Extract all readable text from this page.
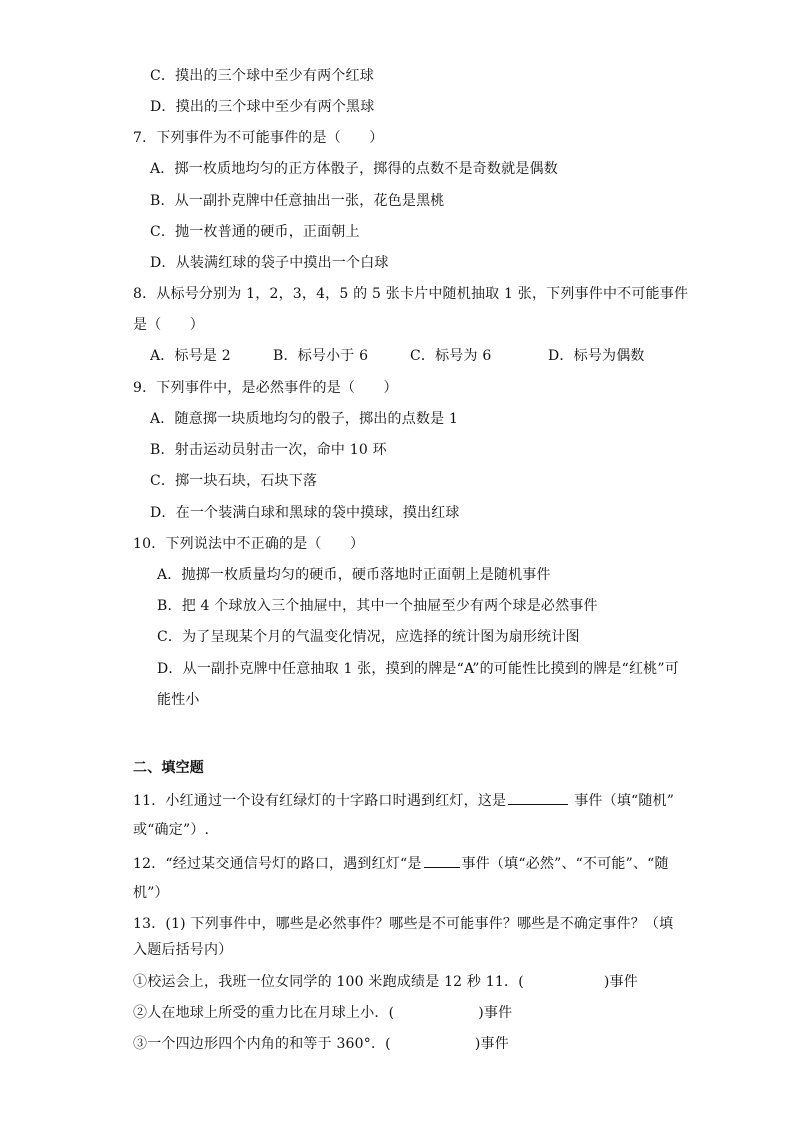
C．摸出的三个球中至少有两个红球
D．摸出的三个球中至少有两个黑球
7．下列事件为不可能事件的是（　　）
A．掷一枚质地均匀的正方体骰子，掷得的点数不是奇数就是偶数
B．从一副扑克牌中任意抽出一张，花色是黑桃
C．抛一枚普通的硬币，正面朝上
D．从装满红球的袋子中摸出一个白球
8．从标号分别为 1，2，3，4，5 的 5 张卡片中随机抽取 1 张，下列事件中不可能事件
是（　　）
A．标号是 2	B．标号小于 6	C．标号为 6	D．标号为偶数
9．下列事件中，是必然事件的是（　　）
A．随意掷一块质地均匀的骰子，掷出的点数是 1
B．射击运动员射击一次，命中 10 环
C．掷一块石块，石块下落
D．在一个装满白球和黑球的袋中摸球，摸出红球
10．下列说法中不正确的是（　　）
A．抛掷一枚质量均匀的硬币，硬币落地时正面朝上是随机事件
B．把 4 个球放入三个抽屉中，其中一个抽屉至少有两个球是必然事件
C．为了呈现某个月的气温变化情况，应选择的统计图为扇形统计图
D．从一副扑克牌中任意抽取 1 张，摸到的牌是“A”的可能性比摸到的牌是“红桃”可
能性小
二、填空题
11．小红通过一个设有红绿灯的十字路口时遇到红灯，这是	事件（填“随机”
或“确定”）.
12．“经过某交通信号灯的路口，遇到红灯“是	事件（填“必然”、“不可能”、“随
机”）
13．(1) 下列事件中，哪些是必然事件？哪些是不可能事件？哪些是不确定事件？（填
入题后括号内）
①校运会上，我班一位女同学的 100 米跑成绩是 12 秒 11．(	)事件
②人在地球上所受的重力比在月球上小．(	)事件
③一个四边形四个内角的和等于 360°．(	)事件
